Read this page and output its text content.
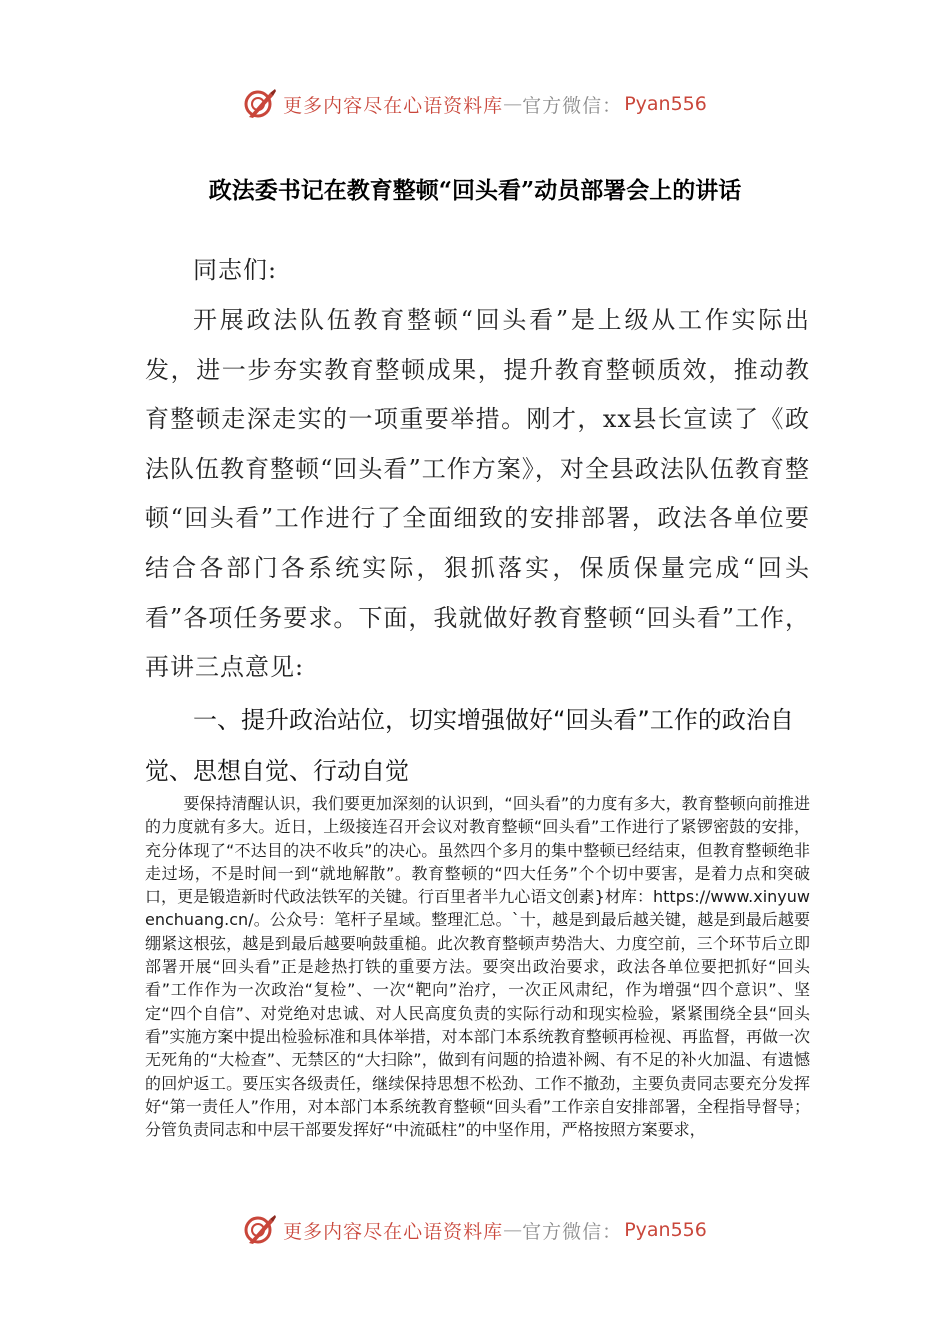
更多内容尽在心语资料库 — 官方微信： Pyan556
政法委书记在教育整顿“回头看”动员部署会上的讲话
同志们:
开展政法队伍教育整顿“回头看”是上级从工作实际出发，进一步夯实教育整顿成果，提升教育整顿质效，推动教育整顿走深走实的一项重要举措。刚才，xx县长宣读了《政法队伍教育整顿“回头看”工作方案》，对全县政法队伍教育整顿“回头看”工作进行了全面细致的安排部署，政法各单位要结合各部门各系统实际，狠抓落实，保质保量完成“回头看”各项任务要求。下面，我就做好教育整顿“回头看”工作，再讲三点意见:
一、提升政治站位，切实增强做好“回头看”工作的政治自觉、思想自觉、行动自觉
要保持清醒认识，我们要更加深刻的认识到，“回头看”的力度有多大，教育整顿向前推进的力度就有多大。近日，上级接连召开会议对教育整顿“回头看”工作进行了紧锣密鼓的安排，充分体现了“不达目的决不收兵”的决心。虽然四个多月的集中整顿已经结束，但教育整顿绝非走过场，不是时间一到“就地解散”。教育整顿的“四大任务”个个切中要害，是着力点和突破口，更是锻造新时代政法铁军的关键。行百里者半九心语文创素}材库：https://www.xinyuwenchuang.cn/。公众号：笔杆子星域。整理汇总。`十，越是到最后越关键，越是到最后越要绷紧这根弦，越是到最后越要响鼓重槌。此次教育整顿声势浩大、力度空前，三个环节后立即部署开展“回头看”正是趁热打铁的重要方法。要突出政治要求，政法各单位要把抓好“回头看”工作作为一次政治“复检”、一次“靶向”治疗，一次正风肃纪，作为增强“四个意识”、坚定“四个自信”、对党绝对忠诚、对人民高度负责的实际行动和现实检验，紧紧围绕全县“回头看”实施方案中提出检验标准和具体举措，对本部门本系统教育整顿再检视、再监督，再做一次无死角的“大检查”、无禁区的“大扫除”，做到有问题的拾遗补阙、有不足的补火加温、有遗憾的回炉返工。要压实各级责任，继续保持思想不松劲、工作不撤劲，主要负责同志要充分发挥好“第一责任人”作用，对本部门本系统教育整顿“回头看”工作亲自安排部署，全程指导督导；分管负责同志和中层干部要发挥好“中流砥柱”的中坚作用，严格按照方案要求，
更多内容尽在心语资料库 — 官方微信： Pyan556
